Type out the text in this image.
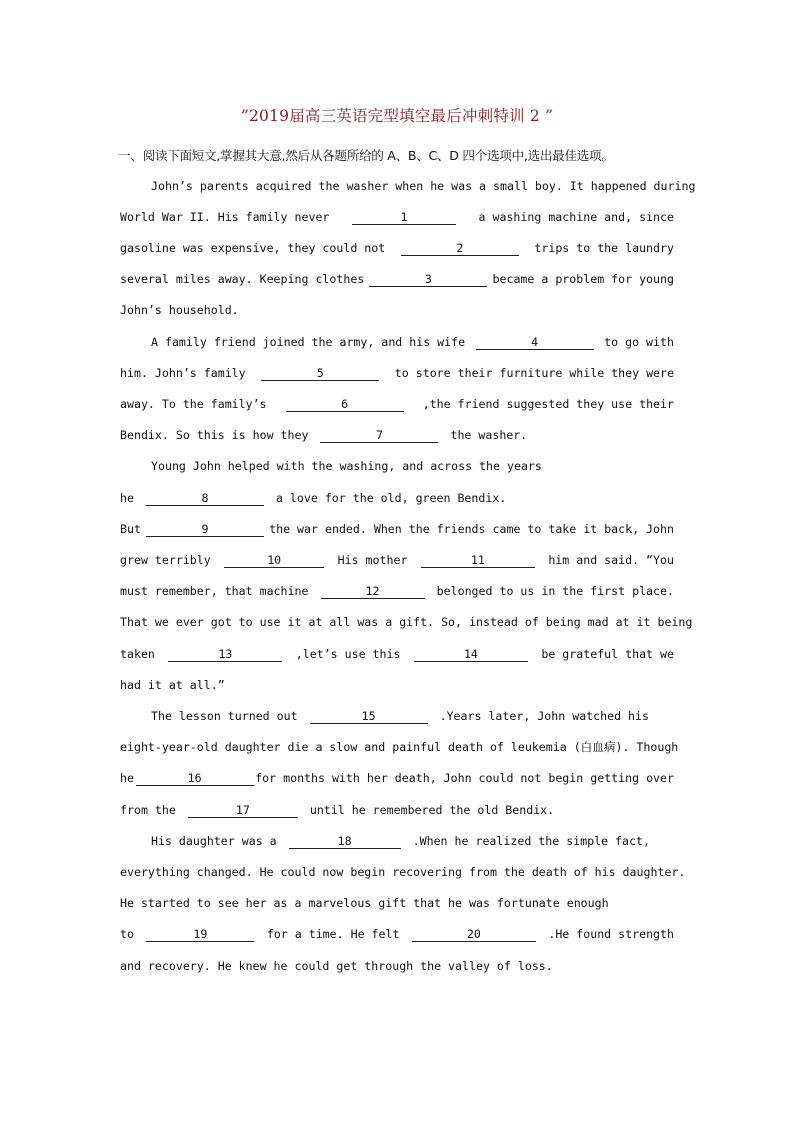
”2019届高三英语完型填空最后冲刺特训 2 ”
一、阅读下面短文,掌握其大意,然后从各题所给的 A、B、C、D 四个选项中,选出最佳选项。
John’s parents acquired the washer when he was a small boy. It happened during
World War II. His family never	1	a washing machine and, since
gasoline was expensive, they could not	2	trips to the laundry
several miles away. Keeping clothes	3	became a problem for young
John’s household.
A family friend joined the army, and his wife	4	to go with
him. John’s family	5	to store their furniture while they were
away. To the family’s	6	,the friend suggested they use their
Bendix. So this is how they	7	the washer.
Young John helped with the washing, and across the years
he	8	a love for the old, green Bendix.
But	9	the war ended. When the friends came to take it back, John
grew terribly	10	His mother	11	him and said. “You
must remember, that machine	12	belonged to us in the first place.
That we ever got to use it at all was a gift. So, instead of being mad at it being
taken	13	,let’s use this	14	be grateful that we
had it at all.”
The lesson turned out	15	.Years later, John watched his
eight-year-old daughter die a slow and painful death of leukemia (白血病). Though
he	16	for months with her death, John could not begin getting over
from the	17	until he remembered the old Bendix.
His daughter was a	18	.When he realized the simple fact,
everything changed. He could now begin recovering from the death of his daughter.
He started to see her as a marvelous gift that he was fortunate enough
to	19	for a time. He felt	20	.He found strength
and recovery. He knew he could get through the valley of loss.
